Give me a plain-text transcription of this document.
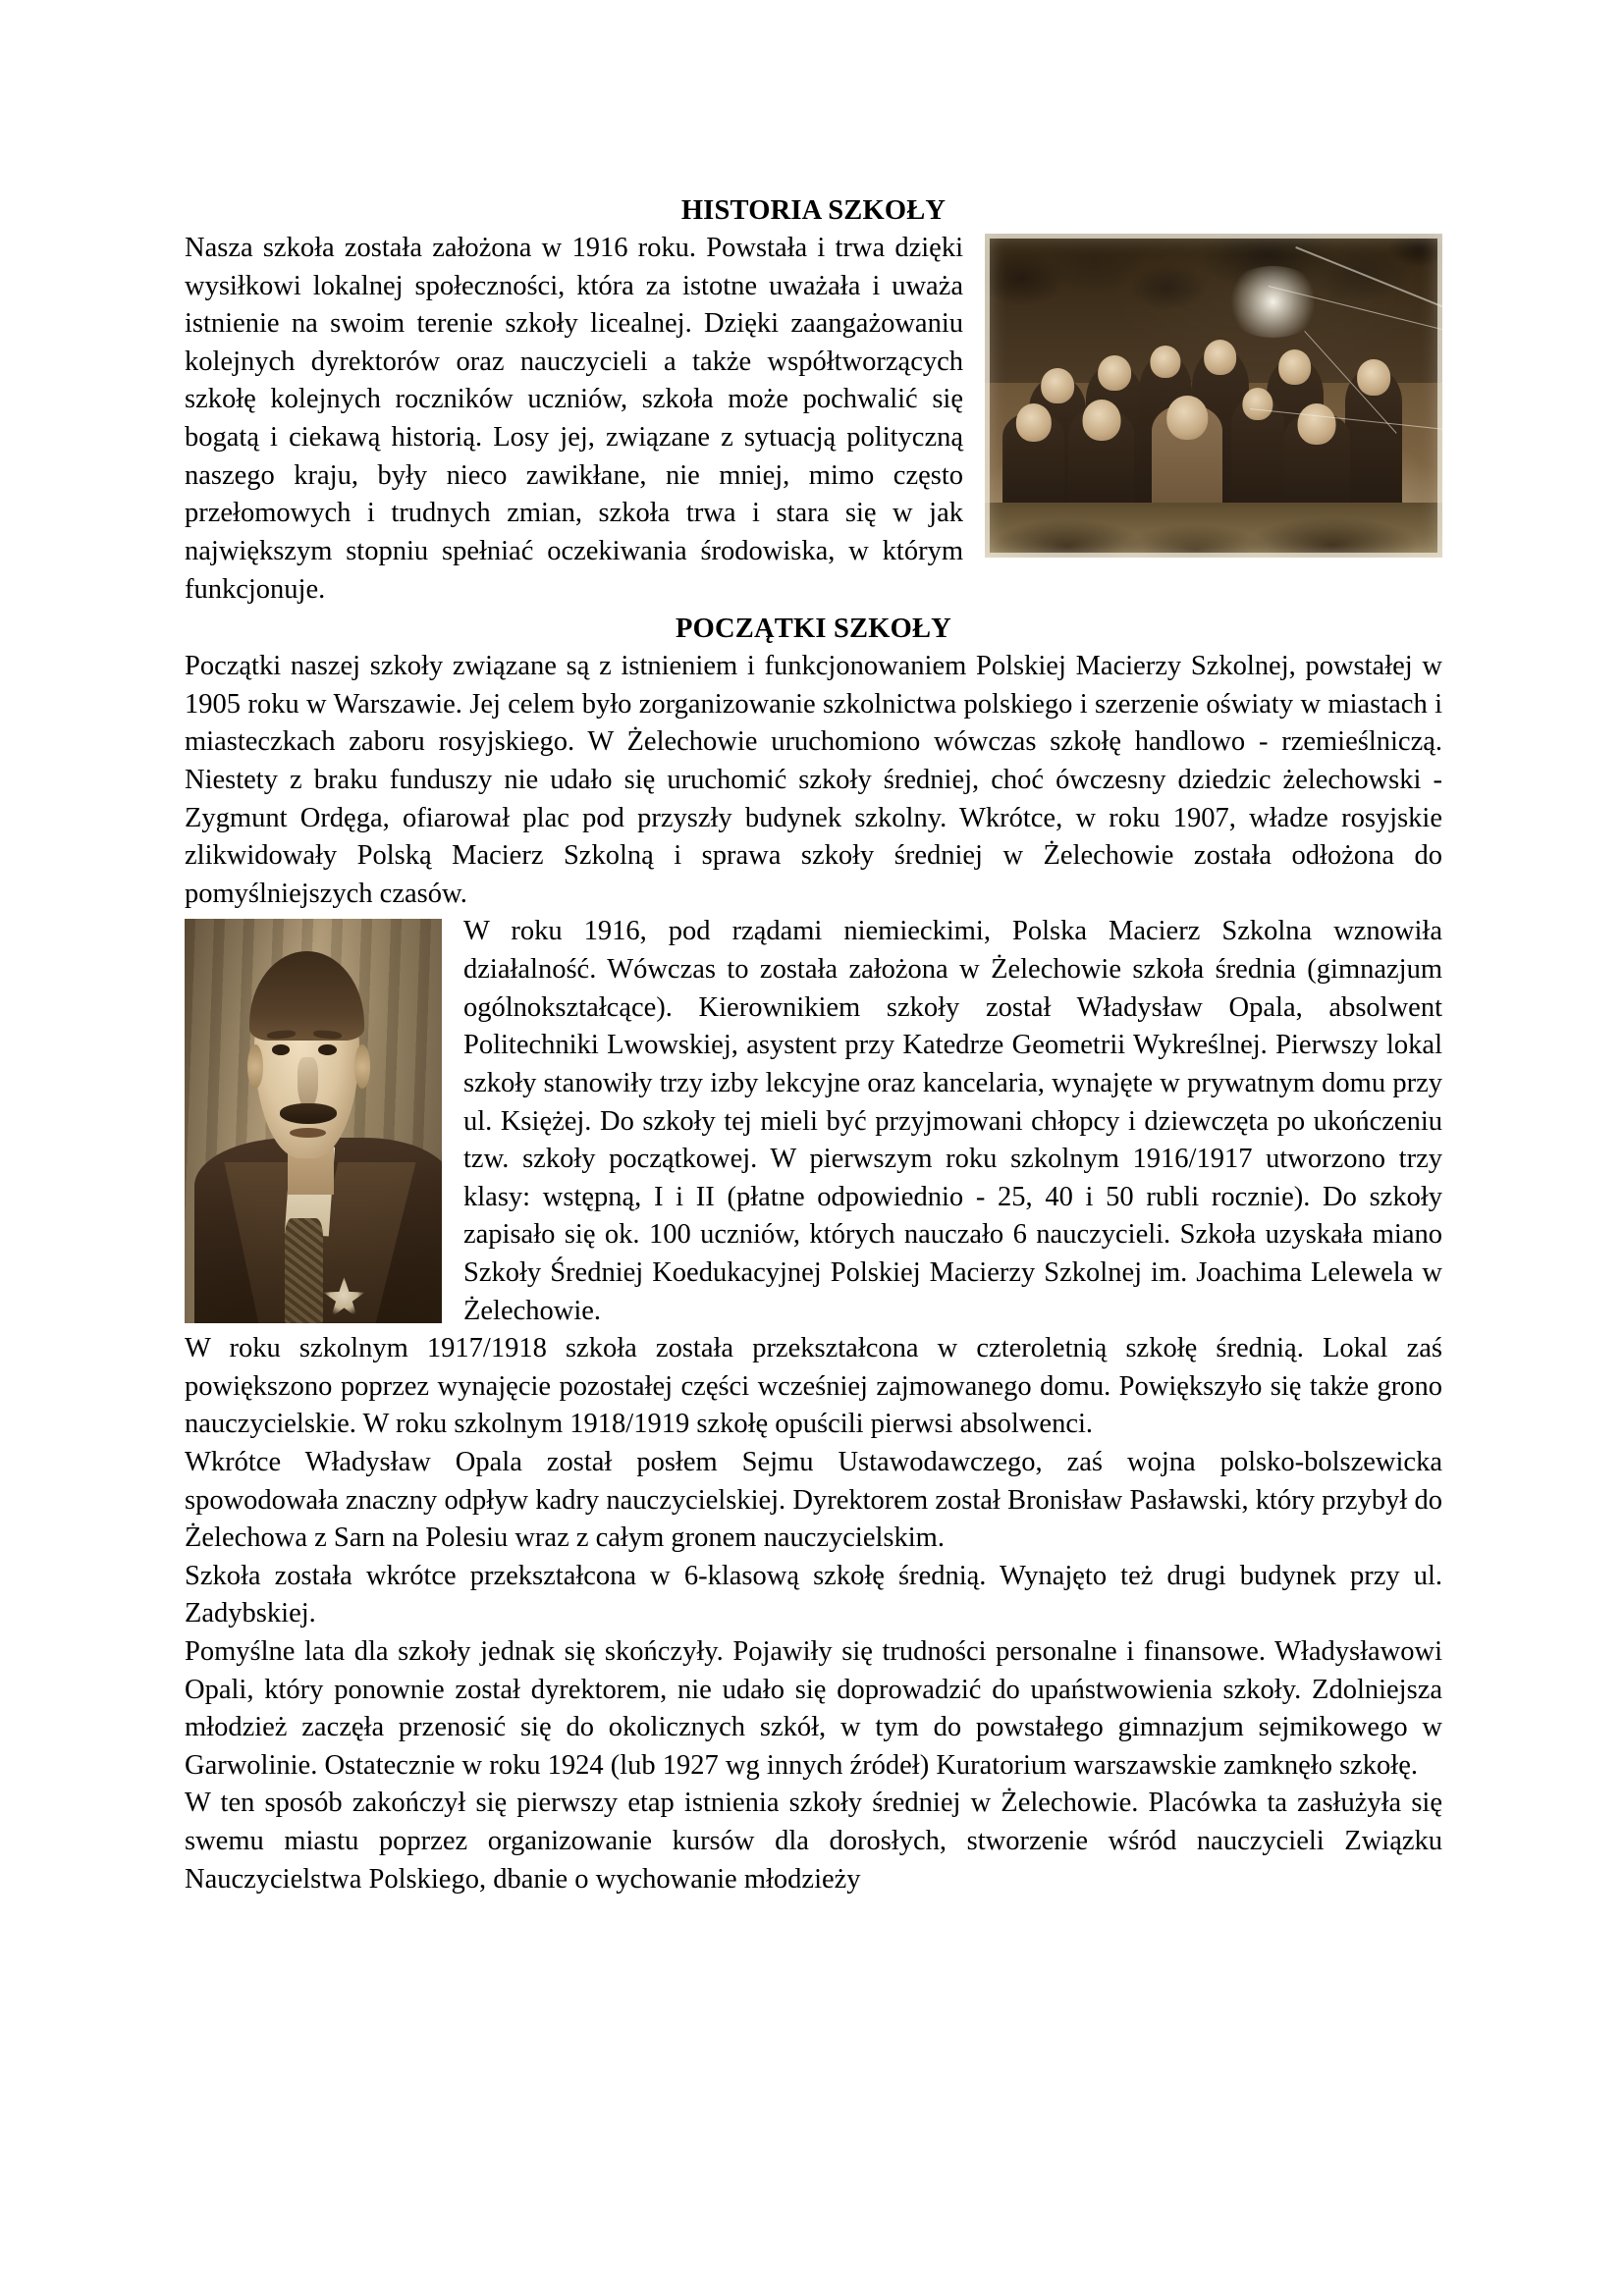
HISTORIA SZKOŁY

Nasza szkoła została założona w 1916 roku. Powstała i trwa dzięki wysiłkowi lokalnej społeczności, która za istotne uważała i uważa istnienie na swoim terenie szkoły licealnej. Dzięki zaangażowaniu kolejnych dyrektorów oraz nauczycieli a także współtworzących szkołę kolejnych roczników uczniów, szkoła może pochwalić się bogatą i ciekawą historią. Losy jej, związane z sytuacją polityczną naszego kraju, były nieco zawikłane, nie mniej, mimo często przełomowych i trudnych zmian, szkoła trwa i stara się w jak największym stopniu spełniać oczekiwania środowiska, w którym funkcjonuje.

POCZĄTKI SZKOŁY

Początki naszej szkoły związane są z istnieniem i funkcjonowaniem Polskiej Macierzy Szkolnej, powstałej w 1905 roku w Warszawie. Jej celem było zorganizowanie szkolnictwa polskiego i szerzenie oświaty w miastach i miasteczkach zaboru rosyjskiego. W Żelechowie uruchomiono wówczas szkołę handlowo - rzemieślniczą. Niestety z braku funduszy nie udało się uruchomić szkoły średniej, choć ówczesny dziedzic żelechowski - Zygmunt Ordęga, ofiarował plac pod przyszły budynek szkolny. Wkrótce, w roku 1907, władze rosyjskie zlikwidowały Polską Macierz Szkolną i sprawa szkoły średniej w Żelechowie została odłożona do pomyślniejszych czasów.

W roku 1916, pod rządami niemieckimi, Polska Macierz Szkolna wznowiła działalność. Wówczas to została założona w Żelechowie szkoła średnia (gimnazjum ogólnokształcące). Kierownikiem szkoły został Władysław Opala, absolwent Politechniki Lwowskiej, asystent przy Katedrze Geometrii Wykreślnej. Pierwszy lokal szkoły stanowiły trzy izby lekcyjne oraz kancelaria, wynajęte w prywatnym domu przy ul. Księżej. Do szkoły tej mieli być przyjmowani chłopcy i dziewczęta po ukończeniu tzw. szkoły początkowej. W pierwszym roku szkolnym 1916/1917 utworzono trzy klasy: wstępną, I i II (płatne odpowiednio - 25, 40 i 50 rubli rocznie). Do szkoły zapisało się ok. 100 uczniów, których nauczało 6 nauczycieli. Szkoła uzyskała miano Szkoły Średniej Koedukacyjnej Polskiej Macierzy Szkolnej im. Joachima Lelewela w Żelechowie.

W roku szkolnym 1917/1918 szkoła została przekształcona w czteroletnią szkołę średnią. Lokal zaś powiększono poprzez wynajęcie pozostałej części wcześniej zajmowanego domu. Powiększyło się także grono nauczycielskie. W roku szkolnym 1918/1919 szkołę opuścili pierwsi absolwenci.

Wkrótce Władysław Opala został posłem Sejmu Ustawodawczego, zaś wojna polsko-bolszewicka spowodowała znaczny odpływ kadry nauczycielskiej. Dyrektorem został Bronisław Pasławski, który przybył do Żelechowa z Sarn na Polesiu wraz z całym gronem nauczycielskim.

Szkoła została wkrótce przekształcona w 6-klasową szkołę średnią. Wynajęto też drugi budynek przy ul. Zadybskiej.

Pomyślne lata dla szkoły jednak się skończyły. Pojawiły się trudności personalne i finansowe. Władysławowi Opali, który ponownie został dyrektorem, nie udało się doprowadzić do upaństwowienia szkoły. Zdolniejsza młodzież zaczęła przenosić się do okolicznych szkół, w tym do powstałego gimnazjum sejmikowego w Garwolinie. Ostatecznie w roku 1924 (lub 1927 wg innych źródeł) Kuratorium warszawskie zamknęło szkołę.

W ten sposób zakończył się pierwszy etap istnienia szkoły średniej w Żelechowie. Placówka ta zasłużyła się swemu miastu poprzez organizowanie kursów dla dorosłych, stworzenie wśród nauczycieli Związku Nauczycielstwa Polskiego, dbanie o wychowanie młodzieży
